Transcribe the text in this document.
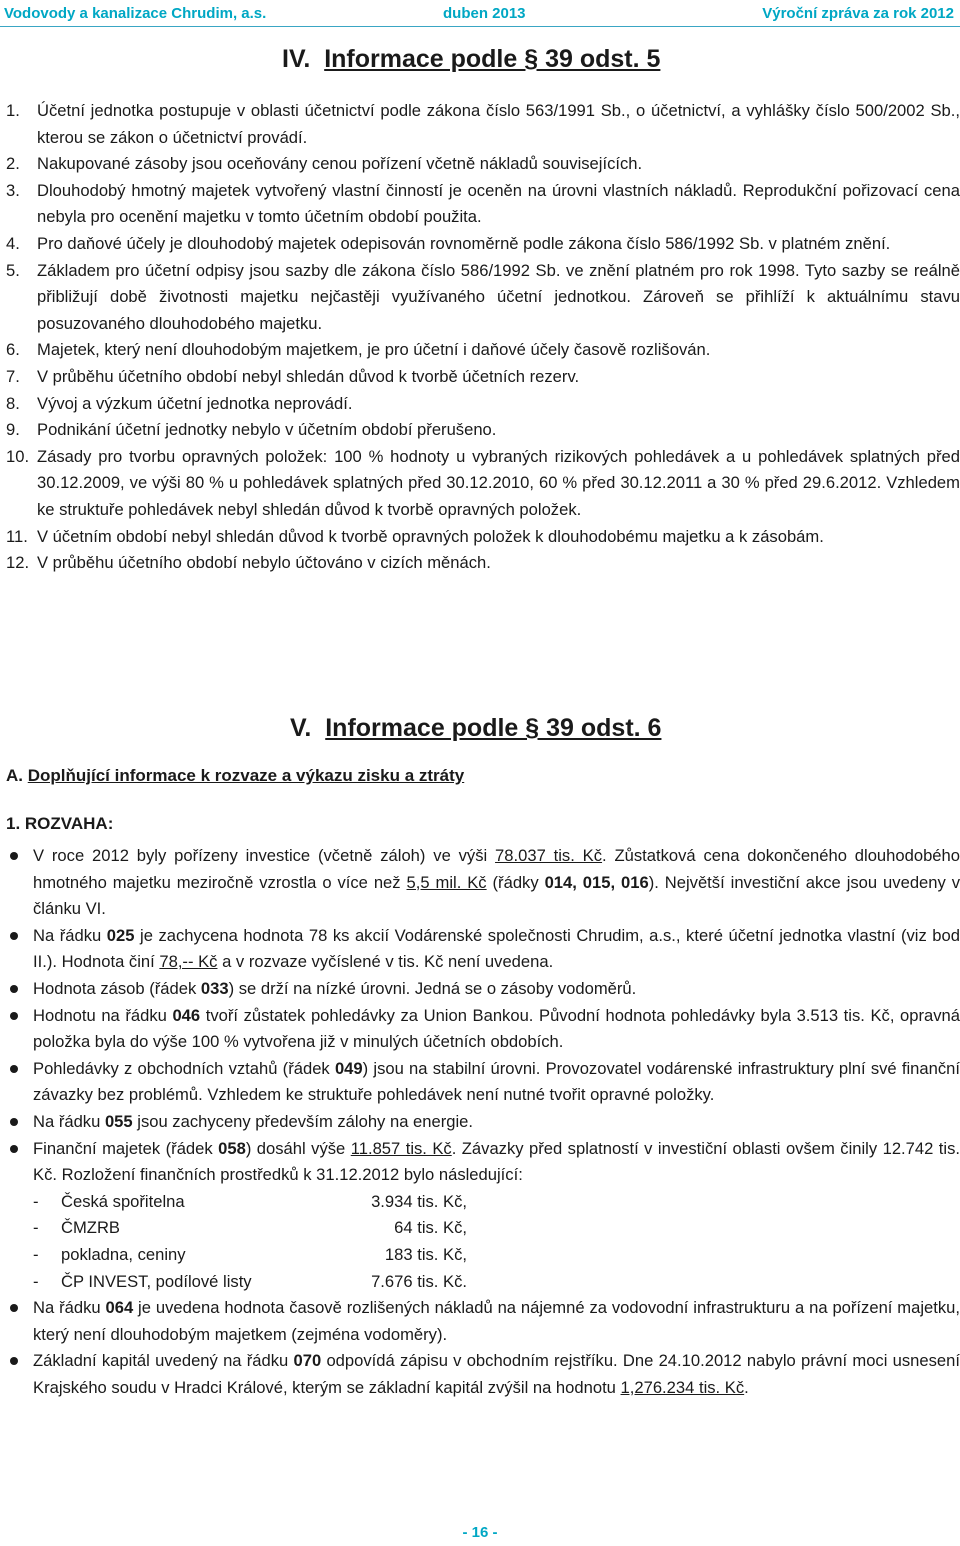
Vodovody a kanalizace Chrudim, a.s.	duben 2013	Výroční zpráva za rok 2012
IV. Informace podle § 39 odst. 5
1.	Účetní jednotka postupuje v oblasti účetnictví podle zákona číslo 563/1991 Sb., o účetnictví, a vyhlášky číslo 500/2002 Sb., kterou se zákon o účetnictví provádí.
2.	Nakupované zásoby jsou oceňovány cenou pořízení včetně nákladů souvisejících.
3.	Dlouhodobý hmotný majetek vytvořený vlastní činností je oceněn na úrovni vlastních nákladů. Reprodukční pořizovací cena nebyla pro ocenění majetku v tomto účetním období použita.
4.	Pro daňové účely je dlouhodobý majetek odepisován rovnoměrně podle zákona číslo 586/1992 Sb. v platném znění.
5.	Základem pro účetní odpisy jsou sazby dle zákona číslo 586/1992 Sb. ve znění platném pro rok 1998. Tyto sazby se reálně přibližují době životnosti majetku nejčastěji využívaného účetní jednotkou. Zároveň se přihlíží k aktuálnímu stavu posuzovaného dlouhodobého majetku.
6.	Majetek, který není dlouhodobým majetkem, je pro účetní i daňové účely časově rozlišován.
7.	V průběhu účetního období nebyl shledán důvod k tvorbě účetních rezerv.
8.	Vývoj a výzkum účetní jednotka neprovádí.
9.	Podnikání účetní jednotky nebylo v účetním období přerušeno.
10. Zásady pro tvorbu opravných položek: 100 % hodnoty u vybraných rizikových pohledávek a u pohledávek splatných před 30.12.2009, ve výši 80 % u pohledávek splatných před 30.12.2010, 60 % před 30.12.2011 a 30 % před 29.6.2012. Vzhledem ke struktuře pohledávek nebyl shledán důvod k tvorbě opravných položek.
11. V účetním období nebyl shledán důvod k tvorbě opravných položek k dlouhodobému majetku a k zásobám.
12. V průběhu účetního období nebylo účtováno v cizích měnách.
V. Informace podle § 39 odst. 6
A. Doplňující informace k rozvaze a výkazu zisku a ztráty
1. ROZVAHA:
V roce 2012 byly pořízeny investice (včetně záloh) ve výši 78.037 tis. Kč. Zůstatková cena dokončeného dlouhodobého hmotného majetku meziročně vzrostla o více než 5,5 mil. Kč (řádky 014, 015, 016). Největší investiční akce jsou uvedeny v článku VI.
Na řádku 025 je zachycena hodnota 78 ks akcií Vodárenské společnosti Chrudim, a.s., které účetní jednotka vlastní (viz bod II.). Hodnota činí 78,-- Kč a v rozvaze vyčíslené v tis. Kč není uvedena.
Hodnota zásob (řádek 033) se drží na nízké úrovni. Jedná se o zásoby vodoměrů.
Hodnotu na řádku 046 tvoří zůstatek pohledávky za Union Bankou. Původní hodnota pohledávky byla 3.513 tis. Kč, opravná položka byla do výše 100 % vytvořena již v minulých účetních obdobích.
Pohledávky z obchodních vztahů (řádek 049) jsou na stabilní úrovni. Provozovatel vodárenské infrastruktury plní své finanční závazky bez problémů. Vzhledem ke struktuře pohledávek není nutné tvořit opravné položky.
Na řádku 055 jsou zachyceny především zálohy na energie.
Finanční majetek (řádek 058) dosáhl výše 11.857 tis. Kč. Závazky před splatností v investiční oblasti ovšem činily 12.742 tis. Kč. Rozložení finančních prostředků k 31.12.2012 bylo následující:
-	Česká spořitelna	3.934 tis. Kč,
-	ČMZRB	64 tis. Kč,
-	pokladna, ceniny	183 tis. Kč,
-	ČP INVEST, podílové listy	7.676 tis. Kč.
Na řádku 064 je uvedena hodnota časově rozlišených nákladů na nájemné za vodovodní infrastrukturu a na pořízení majetku, který není dlouhodobým majetkem (zejména vodoměry).
Základní kapitál uvedený na řádku 070 odpovídá zápisu v obchodním rejstříku. Dne 24.10.2012 nabylo právní moci usnesení Krajského soudu v Hradci Králové, kterým se základní kapitál zvýšil na hodnotu 1,276.234 tis. Kč.
- 16 -
